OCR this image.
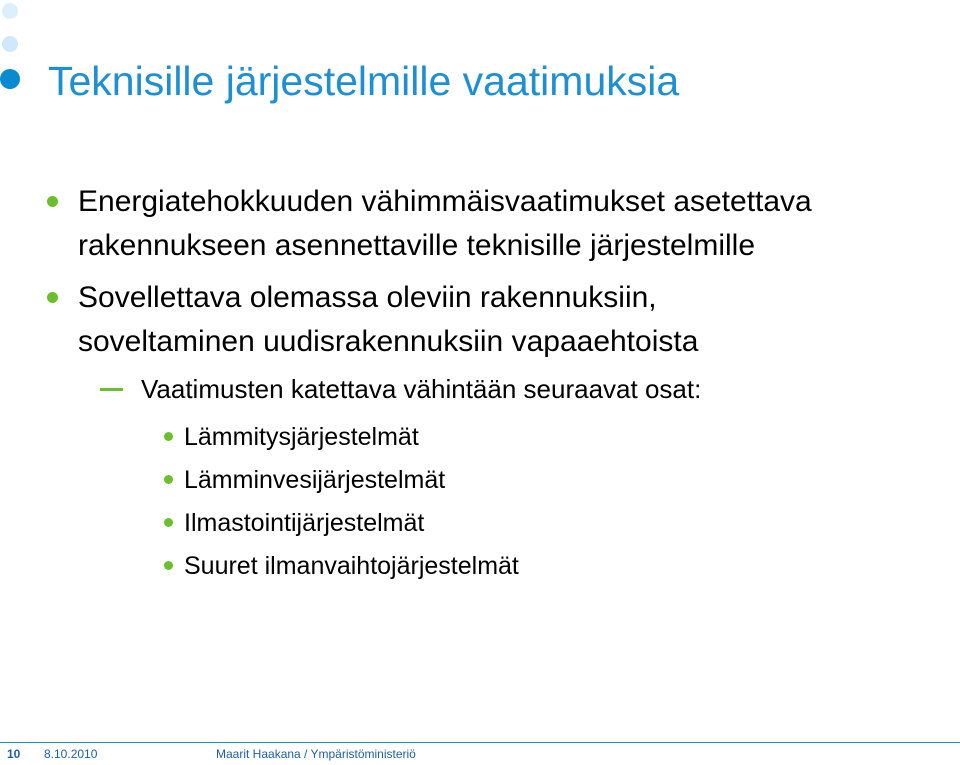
Teknisille järjestelmille vaatimuksia
Energiatehokkuuden vähimmäisvaatimukset asetettava
rakennukseen asennettaville teknisille järjestelmille
Sovellettava olemassa oleviin rakennuksiin,
soveltaminen uudisrakennuksiin vapaaehtoista
Vaatimusten katettava vähintään seuraavat osat:
Lämmitysjärjestelmät
Lämminvesijärjestelmät
Ilmastointijärjestelmät
Suuret ilmanvaihtojärjestelmät
10 8.10.2010	Maarit Haakana / Ympäristöministeriö
